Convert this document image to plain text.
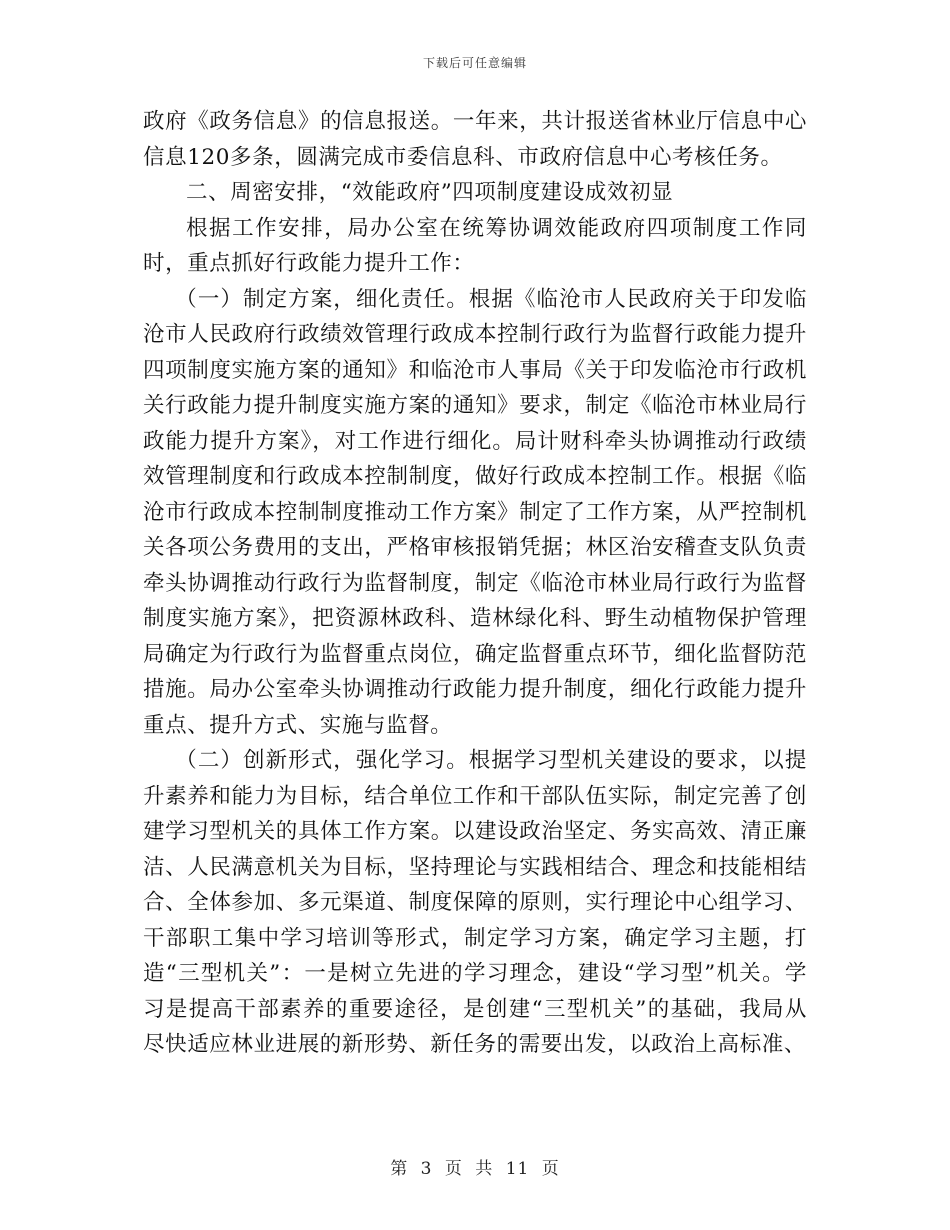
下载后可任意编辑

政府《政务信息》的信息报送。一年来，共计报送省林业厅信息中心信息120多条，圆满完成市委信息科、市政府信息中心考核任务。

二、周密安排，“效能政府”四项制度建设成效初显

根据工作安排，局办公室在统筹协调效能政府四项制度工作同时，重点抓好行政能力提升工作：

（一）制定方案，细化责任。根据《临沧市人民政府关于印发临沧市人民政府行政绩效管理行政成本控制行政行为监督行政能力提升四项制度实施方案的通知》和临沧市人事局《关于印发临沧市行政机关行政能力提升制度实施方案的通知》要求，制定《临沧市林业局行政能力提升方案》，对工作进行细化。局计财科牵头协调推动行政绩效管理制度和行政成本控制制度，做好行政成本控制工作。根据《临沧市行政成本控制制度推动工作方案》制定了工作方案，从严控制机关各项公务费用的支出，严格审核报销凭据；林区治安稽查支队负责牵头协调推动行政行为监督制度，制定《临沧市林业局行政行为监督制度实施方案》，把资源林政科、造林绿化科、野生动植物保护管理局确定为行政行为监督重点岗位，确定监督重点环节，细化监督防范措施。局办公室牵头协调推动行政能力提升制度，细化行政能力提升重点、提升方式、实施与监督。

（二）创新形式，强化学习。根据学习型机关建设的要求，以提升素养和能力为目标，结合单位工作和干部队伍实际，制定完善了创建学习型机关的具体工作方案。以建设政治坚定、务实高效、清正廉洁、人民满意机关为目标，坚持理论与实践相结合、理念和技能相结合、全体参加、多元渠道、制度保障的原则，实行理论中心组学习、干部职工集中学习培训等形式，制定学习方案，确定学习主题，打造“三型机关”：一是树立先进的学习理念，建设“学习型”机关。学习是提高干部素养的重要途径，是创建“三型机关”的基础，我局从尽快适应林业进展的新形势、新任务的需要出发，以政治上高标准、

第 3 页 共 11 页
